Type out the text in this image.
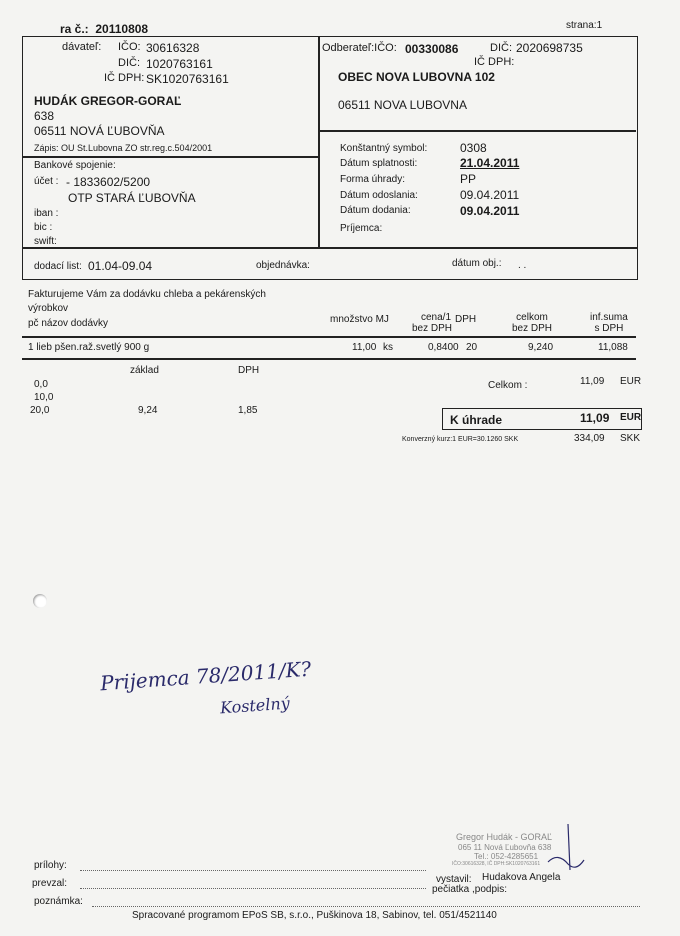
ra č.: 20110808	strana:1
dávateľ: IČO: 30616328
DIČ: 1020763161
IČ DPH: SK1020763161
HUDÁK GREGOR-GORAĽ
638
06511 NOVÁ ĽUBOVŇA
Zápis: OU St.Lubovna ZO str.reg.c.504/2001
Bankové spojenie:
účet : - 1833602/5200
OTP STARÁ ĽUBOVŇA
iban :
bic :
swift:
Odberateľ:IČO: 00330086	DIČ: 2020698735
IČ DPH:
OBEC NOVA LUBOVNA 102
06511 NOVA LUBOVNA
Konštantný symbol:	0308
Dátum splatnosti:	21.04.2011
Forma úhrady:	PP
Dátum odoslania:	09.04.2011
Dátum dodania:	09.04.2011
Príjemca:
dodací list: 01.04-09.04	objednávka:	dátum obj.: . .
Fakturujeme Vám za dodávku chleba a pekárenských
výrobkov
pč názov dodávky	množstvo MJ	cena/1
bez DPH
DPH	celkom
bez DPH
inf.suma
s DPH
1 lieb pšen.raž.svetlý 900 g	11,00 ks	0,8400 20	9,240	11,088
základ	DPH
0,0
10,0
20,0	9,24	1,85
Celkom :	11,09 EUR
K úhrade	11,09 EUR
Konverzný kurz:1 EUR=30.1260 SKK	334,09 SKK
Prijemca 78/2011/K?
Kostelný
Gregor Hudák - GORAĽ
065 11 Nová Ľubovňa 638
Tel.: 052-4285651
IČO:30616328, IČ DPH:SK1020763161
prílohy:
prevzal:	vystavil: Hudakova Angela
pečiatka ,podpis:
poznámka:
Spracované programom EPoS SB, s.r.o., Puškinova 18, Sabinov, tel. 051/4521140
